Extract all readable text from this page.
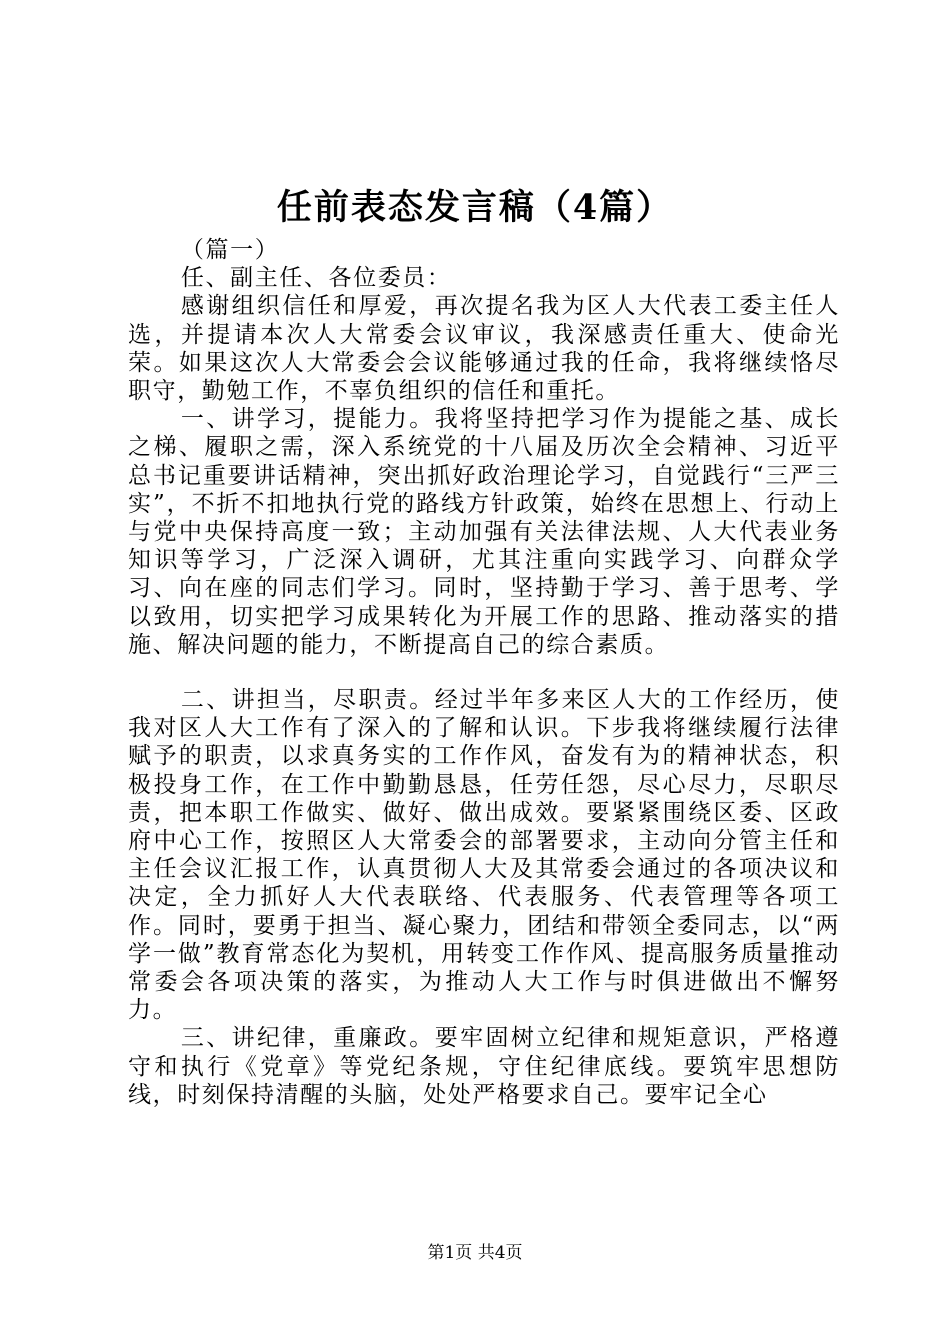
任前表态发言稿（4篇）

（篇一）

任、副主任、各位委员：

感谢组织信任和厚爱，再次提名我为区人大代表工委主任人选，并提请本次人大常委会议审议，我深感责任重大、使命光荣。如果这次人大常委会会议能够通过我的任命，我将继续恪尽职守，勤勉工作，不辜负组织的信任和重托。

一、讲学习，提能力。我将坚持把学习作为提能之基、成长之梯、履职之需，深入系统党的十八届及历次全会精神、习近平总书记重要讲话精神，突出抓好政治理论学习，自觉践行“三严三实”，不折不扣地执行党的路线方针政策，始终在思想上、行动上与党中央保持高度一致；主动加强有关法律法规、人大代表业务知识等学习，广泛深入调研，尤其注重向实践学习、向群众学习、向在座的同志们学习。同时，坚持勤于学习、善于思考、学以致用，切实把学习成果转化为开展工作的思路、推动落实的措施、解决问题的能力，不断提高自己的综合素质。

二、讲担当，尽职责。经过半年多来区人大的工作经历，使我对区人大工作有了深入的了解和认识。下步我将继续履行法律赋予的职责，以求真务实的工作作风，奋发有为的精神状态，积极投身工作，在工作中勤勤恳恳，任劳任怨，尽心尽力，尽职尽责，把本职工作做实、做好、做出成效。要紧紧围绕区委、区政府中心工作，按照区人大常委会的部署要求，主动向分管主任和主任会议汇报工作，认真贯彻人大及其常委会通过的各项决议和决定，全力抓好人大代表联络、代表服务、代表管理等各项工作。同时，要勇于担当、凝心聚力，团结和带领全委同志，以“两学一做”教育常态化为契机，用转变工作作风、提高服务质量推动常委会各项决策的落实，为推动人大工作与时俱进做出不懈努力。

三、讲纪律，重廉政。要牢固树立纪律和规矩意识，严格遵守和执行《党章》等党纪条规，守住纪律底线。要筑牢思想防线，时刻保持清醒的头脑，处处严格要求自己。要牢记全心

第1页 共4页
